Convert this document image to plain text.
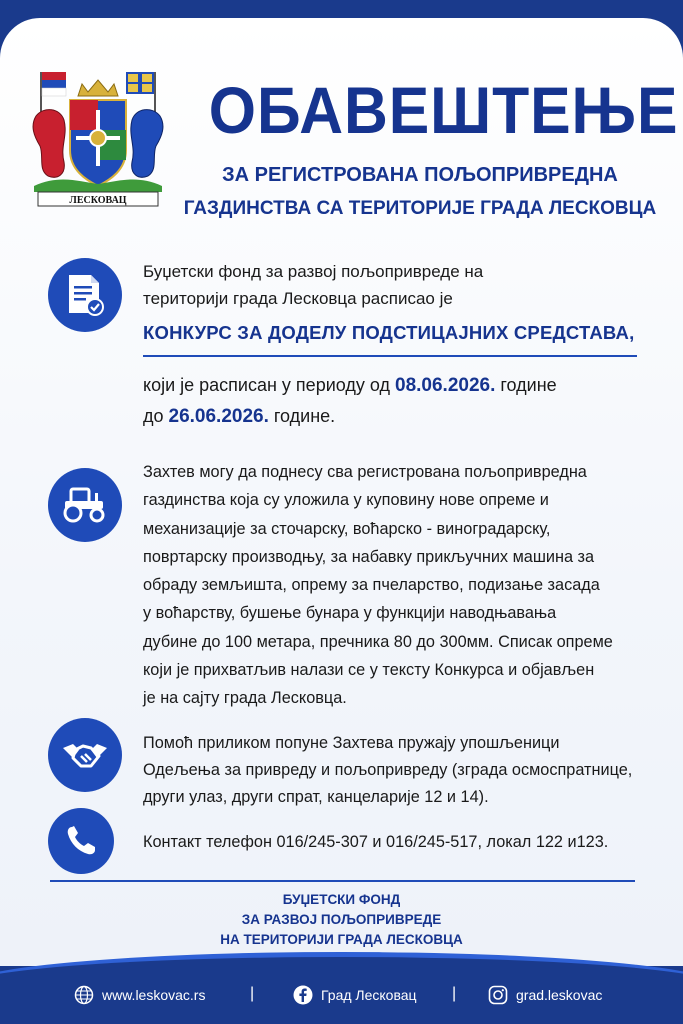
ЛЕСКОВАЦ
ОБАВЕШТЕЊЕ
ЗА РЕГИСТРОВАНА ПОЉОПРИВРЕДНА
ГАЗДИНСТВА СА ТЕРИТОРИЈЕ ГРАДА ЛЕСКОВЦА
Буџетски фонд за развој пољопривреде на
територији града Лесковца расписао је
КОНКУРС ЗА ДОДЕЛУ ПОДСТИЦАЈНИХ СРЕДСТАВА,
који је расписан у периоду од 08.06.2026. године
до 26.06.2026. године.
Захтев могу да поднесу сва регистрована пољопривредна
газдинства која су уложила у куповину нове опреме и
механизације за сточарску, воћарско - виноградарску,
повртарску производњу, за набавку прикључних машина за
обраду земљишта, опрему за пчеларство, подизање засада
у воћарству, бушење бунара у функцији наводњавања
дубине до 100 метара, пречника 80 до 300мм. Списак опреме
који је прихватљив налази се у тексту Конкурса и објављен
је на сајту града Лесковца.
Помоћ приликом попуне Захтева пружају упошљеници
Одељења за привреду и пољопривреду (зграда осмоспратнице,
други улаз, други спрат, канцеларије 12 и 14).
Контакт телефон 016/245-307 и 016/245-517, локал 122 и123.
БУЏЕТСКИ ФОНД
ЗА РАЗВОЈ ПОЉОПРИВРЕДЕ
НА ТЕРИТОРИЈИ ГРАДА ЛЕСКОВЦА
www.leskovac.rs	|	Град Лесковац |	grad.leskovac
